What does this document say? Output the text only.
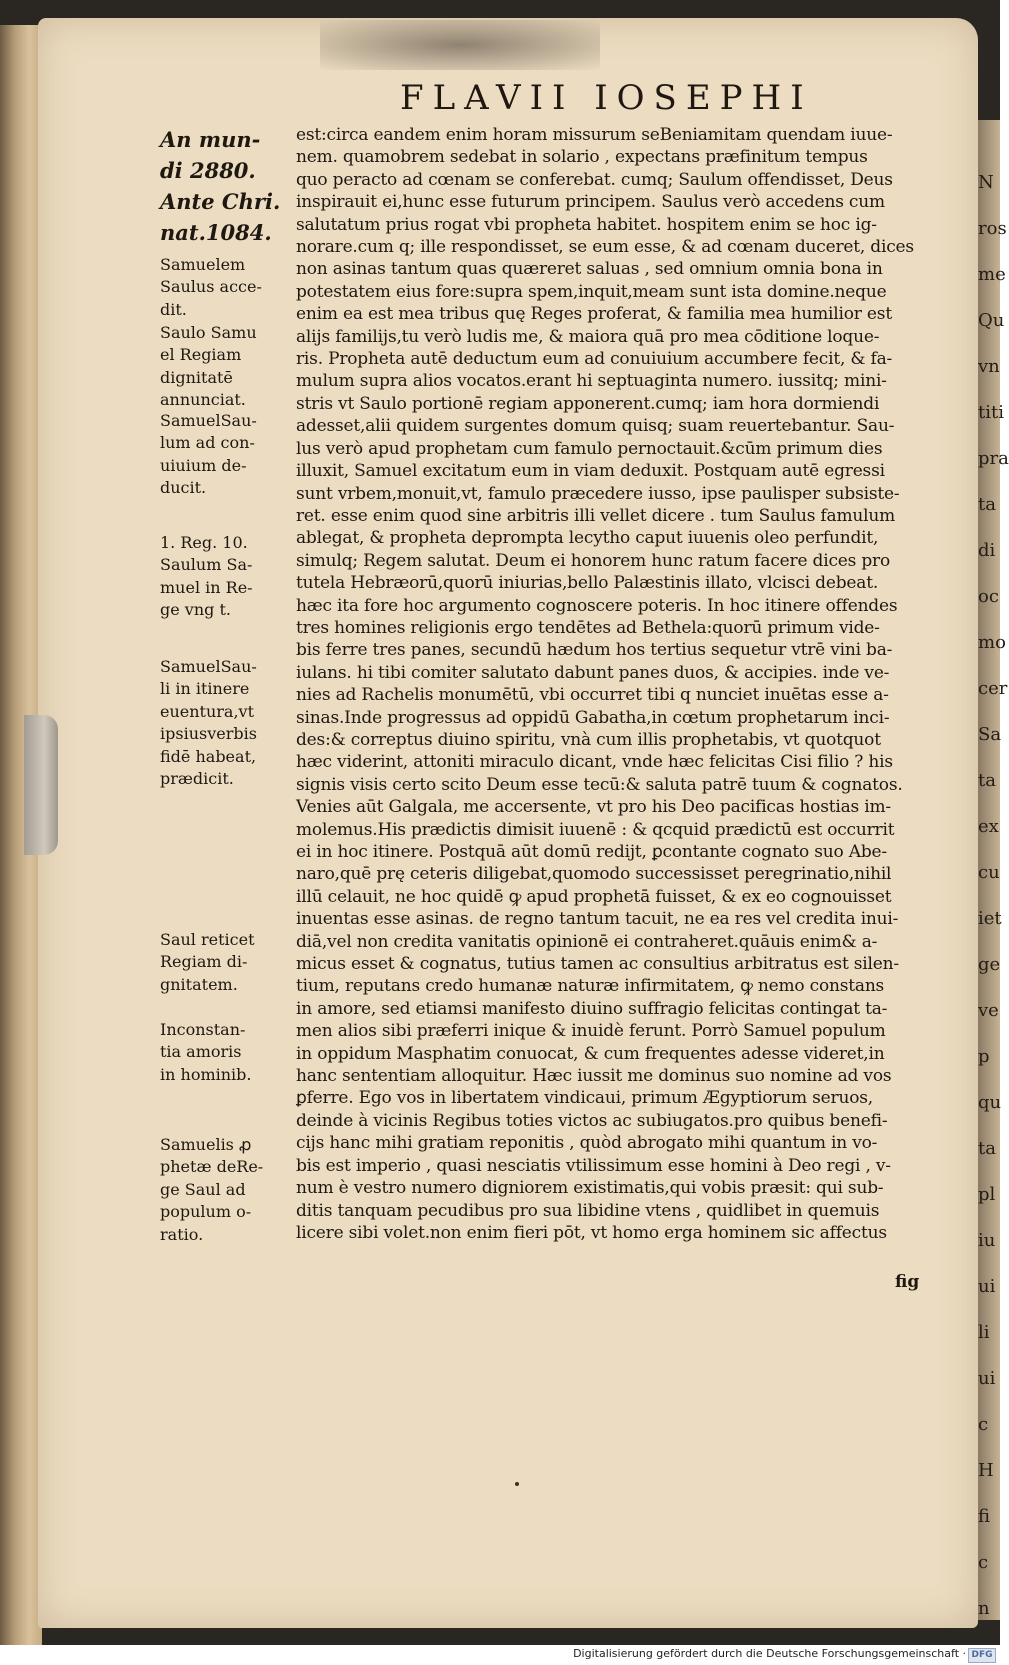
N
ros
me
Qu
vn
titi
pra
ta
di
oc
mo
cer
Sa
ta
ex
cu
iet
ge
ve
p
qu
ta
pl
iu
ui
li
ui
c
H
fi
c
n
FLAVII IOSEPHI
An mun-
di 2880.
Ante Chri.
nat.1084.
Samuelem
Saulus acce-
dit.
Saulo Samu
el Regiam
dignitatē
annunciat.
SamuelSau-
lum ad con-
uiuium de-
ducit.
1. Reg. 10.
Saulum Sa-
muel in Re-
ge vng t.
SamuelSau-
li in itinere
euentura,vt
ipsiusverbis
fidē habeat,
prædicit.
Saul reticet
Regiam di-
gnitatem.
Inconstan-
tia amoris
in hominib.
Samuelis ꝓ
phetæ deRe-
ge Saul ad
populum o-
ratio.
est:circa eandem enim horam missurum seBeniamitam quendam iuue-
nem. quamobrem sedebat in solario , expectans præfinitum tempus
quo peracto ad cœnam se conferebat. cumq; Saulum offendisset, Deus
inspirauit ei,hunc esse futurum principem. Saulus verò accedens cum
salutatum prius rogat vbi propheta habitet. hospitem enim se hoc ig-
norare.cum q; ille respondisset, se eum esse, & ad cœnam duceret, dices
non asinas tantum quas quæreret saluas , sed omnium omnia bona in
potestatem eius fore:supra spem,inquit,meam sunt ista domine.neque
enim ea est mea tribus quę Reges proferat, & familia mea humilior est
alijs familijs,tu verò ludis me, & maiora quā pro mea cōditione loque-
ris. Propheta autē deductum eum ad conuiuium accumbere fecit, & fa-
mulum supra alios vocatos.erant hi septuaginta numero. iussitq; mini-
stris vt Saulo portionē regiam apponerent.cumq; iam hora dormiendi
adesset,alii quidem surgentes domum quisq; suam reuertebantur. Sau-
lus verò apud prophetam cum famulo pernoctauit.&cūm primum dies
illuxit, Samuel excitatum eum in viam deduxit. Postquam autē egressi
sunt vrbem,monuit,vt, famulo præcedere iusso, ipse paulisper subsiste-
ret. esse enim quod sine arbitris illi vellet dicere . tum Saulus famulum
ablegat, & propheta deprompta lecytho caput iuuenis oleo perfundit,
simulq; Regem salutat. Deum ei honorem hunc ratum facere dices pro
tutela Hebræorū,quorū iniurias,bello Palæstinis illato, vlcisci debeat.
hæc ita fore hoc argumento cognoscere poteris. In hoc itinere offendes
tres homines religionis ergo tendētes ad Bethela:quorū primum vide-
bis ferre tres panes, secundū hædum hos tertius sequetur vtrē vini ba-
iulans. hi tibi comiter salutato dabunt panes duos, & accipies. inde ve-
nies ad Rachelis monumētū, vbi occurret tibi q nunciet inuētas esse a-
sinas.Inde progressus ad oppidū Gabatha,in cœtum prophetarum inci-
des:& correptus diuino spiritu, vnà cum illis prophetabis, vt quotquot
hæc viderint, attoniti miraculo dicant, vnde hæc felicitas Cisi filio ? his
signis visis certo scito Deum esse tecū:& saluta patrē tuum & cognatos.
Venies aūt Galgala, me accersente, vt pro his Deo pacificas hostias im-
molemus.His prædictis dimisit iuuenē : & qcquid prædictū est occurrit
ei in hoc itinere. Postquā aūt domū redijt, ꝑcontante cognato suo Abe-
naro,quē prę ceteris diligebat,quomodo successisset peregrinatio,nihil
illū celauit, ne hoc quidē ꝙ apud prophetā fuisset, & ex eo cognouisset
inuentas esse asinas. de regno tantum tacuit, ne ea res vel credita inui-
diā,vel non credita vanitatis opinionē ei contraheret.quāuis enim& a-
micus esset & cognatus, tutius tamen ac consultius arbitratus est silen-
tium, reputans credo humanæ naturæ infirmitatem, ꝙ nemo constans
in amore, sed etiamsi manifesto diuino suffragio felicitas contingat ta-
men alios sibi præferri inique & inuidè ferunt. Porrò Samuel populum
in oppidum Masphatim conuocat, & cum frequentes adesse videret,in
hanc sententiam alloquitur. Hæc iussit me dominus suo nomine ad vos
ꝑferre. Ego vos in libertatem vindicaui, primum Ægyptiorum seruos,
deinde à vicinis Regibus toties victos ac subiugatos.pro quibus benefi-
cijs hanc mihi gratiam reponitis , quòd abrogato mihi quantum in vo-
bis est imperio , quasi nesciatis vtilissimum esse homini à Deo regi , v-
num è vestro numero digniorem existimatis,qui vobis præsit: qui sub-
ditis tanquam pecudibus pro sua libidine vtens , quidlibet in quemuis
licere sibi volet.non enim fieri pōt, vt homo erga hominem sic affectus
fig
Digitalisierung gefördert durch die Deutsche Forschungsgemeinschaft · DFG
